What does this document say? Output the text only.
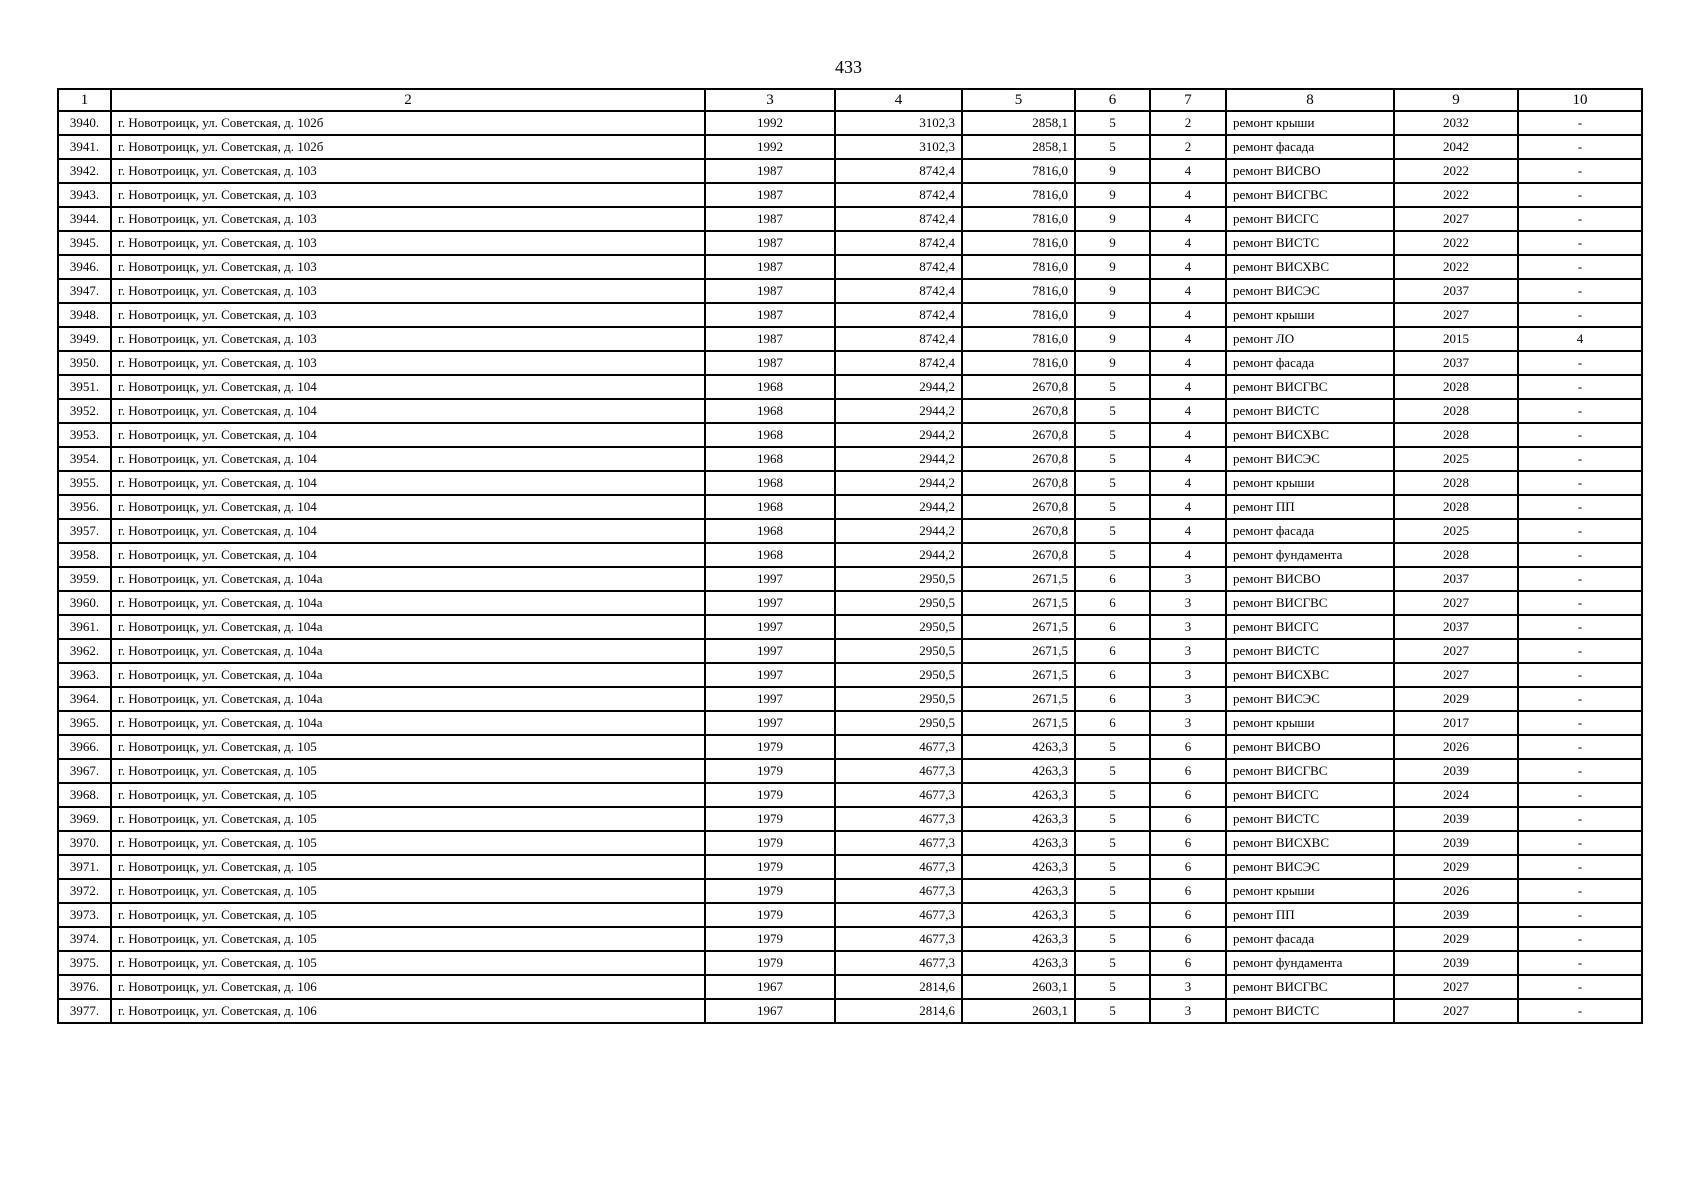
433
1	2	3	4	5	6	7	8	9	10
3940.	г. Новотроицк, ул. Советская, д. 102б	1992	3102,3	2858,1	5	2	ремонт крыши	2032	-
3941.	г. Новотроицк, ул. Советская, д. 102б	1992	3102,3	2858,1	5	2	ремонт фасада	2042	-
3942.	г. Новотроицк, ул. Советская, д. 103	1987	8742,4	7816,0	9	4	ремонт ВИСВО	2022	-
3943.	г. Новотроицк, ул. Советская, д. 103	1987	8742,4	7816,0	9	4	ремонт ВИСГВС	2022	-
3944.	г. Новотроицк, ул. Советская, д. 103	1987	8742,4	7816,0	9	4	ремонт ВИСГС	2027	-
3945.	г. Новотроицк, ул. Советская, д. 103	1987	8742,4	7816,0	9	4	ремонт ВИСТС	2022	-
3946.	г. Новотроицк, ул. Советская, д. 103	1987	8742,4	7816,0	9	4	ремонт ВИСХВС	2022	-
3947.	г. Новотроицк, ул. Советская, д. 103	1987	8742,4	7816,0	9	4	ремонт ВИСЭС	2037	-
3948.	г. Новотроицк, ул. Советская, д. 103	1987	8742,4	7816,0	9	4	ремонт крыши	2027	-
3949.	г. Новотроицк, ул. Советская, д. 103	1987	8742,4	7816,0	9	4	ремонт ЛО	2015	4
3950.	г. Новотроицк, ул. Советская, д. 103	1987	8742,4	7816,0	9	4	ремонт фасада	2037	-
3951.	г. Новотроицк, ул. Советская, д. 104	1968	2944,2	2670,8	5	4	ремонт ВИСГВС	2028	-
3952.	г. Новотроицк, ул. Советская, д. 104	1968	2944,2	2670,8	5	4	ремонт ВИСТС	2028	-
3953.	г. Новотроицк, ул. Советская, д. 104	1968	2944,2	2670,8	5	4	ремонт ВИСХВС	2028	-
3954.	г. Новотроицк, ул. Советская, д. 104	1968	2944,2	2670,8	5	4	ремонт ВИСЭС	2025	-
3955.	г. Новотроицк, ул. Советская, д. 104	1968	2944,2	2670,8	5	4	ремонт крыши	2028	-
3956.	г. Новотроицк, ул. Советская, д. 104	1968	2944,2	2670,8	5	4	ремонт ПП	2028	-
3957.	г. Новотроицк, ул. Советская, д. 104	1968	2944,2	2670,8	5	4	ремонт фасада	2025	-
3958.	г. Новотроицк, ул. Советская, д. 104	1968	2944,2	2670,8	5	4	ремонт фундамента	2028	-
3959.	г. Новотроицк, ул. Советская, д. 104а	1997	2950,5	2671,5	6	3	ремонт ВИСВО	2037	-
3960.	г. Новотроицк, ул. Советская, д. 104а	1997	2950,5	2671,5	6	3	ремонт ВИСГВС	2027	-
3961.	г. Новотроицк, ул. Советская, д. 104а	1997	2950,5	2671,5	6	3	ремонт ВИСГС	2037	-
3962.	г. Новотроицк, ул. Советская, д. 104а	1997	2950,5	2671,5	6	3	ремонт ВИСТС	2027	-
3963.	г. Новотроицк, ул. Советская, д. 104а	1997	2950,5	2671,5	6	3	ремонт ВИСХВС	2027	-
3964.	г. Новотроицк, ул. Советская, д. 104а	1997	2950,5	2671,5	6	3	ремонт ВИСЭС	2029	-
3965.	г. Новотроицк, ул. Советская, д. 104а	1997	2950,5	2671,5	6	3	ремонт крыши	2017	-
3966.	г. Новотроицк, ул. Советская, д. 105	1979	4677,3	4263,3	5	6	ремонт ВИСВО	2026	-
3967.	г. Новотроицк, ул. Советская, д. 105	1979	4677,3	4263,3	5	6	ремонт ВИСГВС	2039	-
3968.	г. Новотроицк, ул. Советская, д. 105	1979	4677,3	4263,3	5	6	ремонт ВИСГС	2024	-
3969.	г. Новотроицк, ул. Советская, д. 105	1979	4677,3	4263,3	5	6	ремонт ВИСТС	2039	-
3970.	г. Новотроицк, ул. Советская, д. 105	1979	4677,3	4263,3	5	6	ремонт ВИСХВС	2039	-
3971.	г. Новотроицк, ул. Советская, д. 105	1979	4677,3	4263,3	5	6	ремонт ВИСЭС	2029	-
3972.	г. Новотроицк, ул. Советская, д. 105	1979	4677,3	4263,3	5	6	ремонт крыши	2026	-
3973.	г. Новотроицк, ул. Советская, д. 105	1979	4677,3	4263,3	5	6	ремонт ПП	2039	-
3974.	г. Новотроицк, ул. Советская, д. 105	1979	4677,3	4263,3	5	6	ремонт фасада	2029	-
3975.	г. Новотроицк, ул. Советская, д. 105	1979	4677,3	4263,3	5	6	ремонт фундамента	2039	-
3976.	г. Новотроицк, ул. Советская, д. 106	1967	2814,6	2603,1	5	3	ремонт ВИСГВС	2027	-
3977.	г. Новотроицк, ул. Советская, д. 106	1967	2814,6	2603,1	5	3	ремонт ВИСТС	2027	-
